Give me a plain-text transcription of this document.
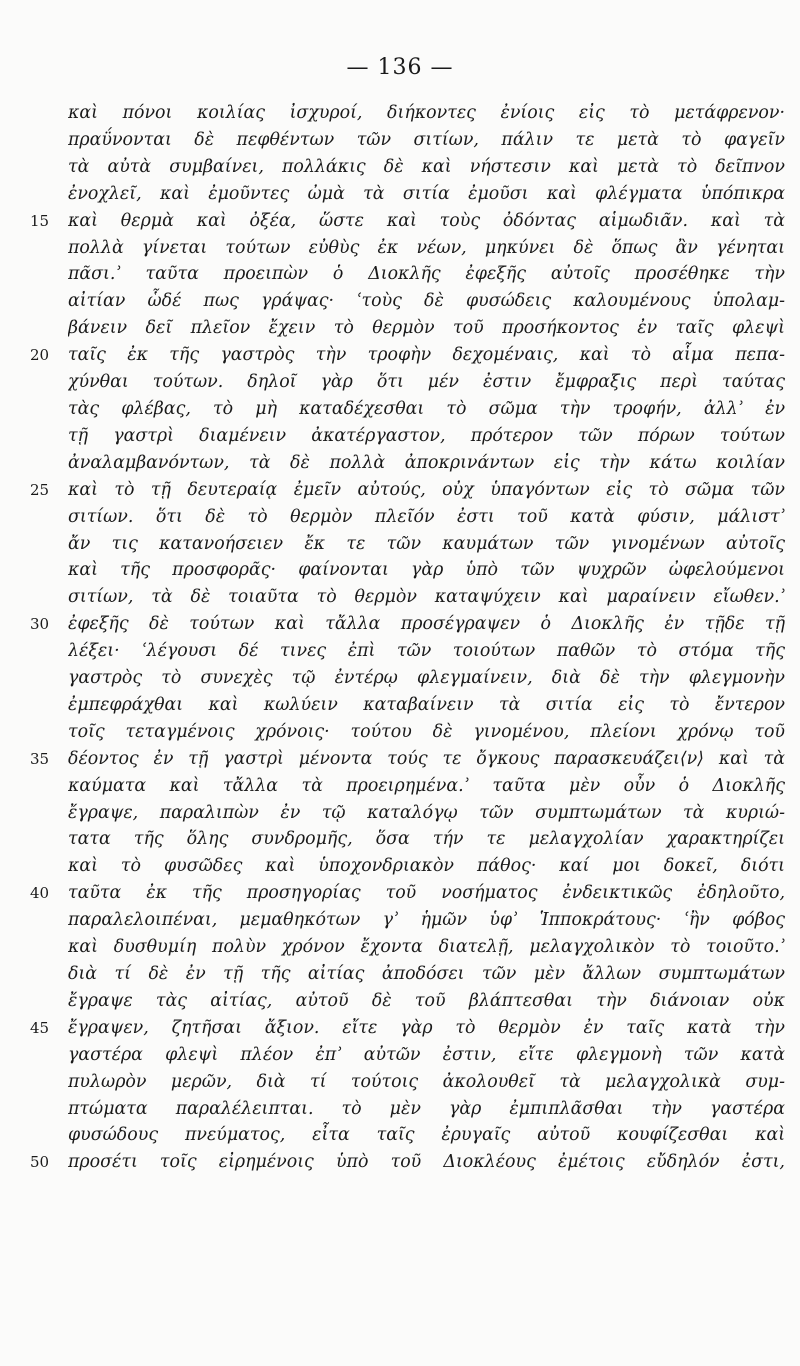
— 136 —
καὶ πόνοι κοιλίας ἰσχυροί, διήκοντες ἐνίοις εἰς τὸ μετάφρενον·
πραΰνονται δὲ πεφθέντων τῶν σιτίων, πάλιν τε μετὰ τὸ φαγεῖν
τὰ αὐτὰ συμβαίνει, πολλάκις δὲ καὶ νήστεσιν καὶ μετὰ τὸ δεῖπνον
ἐνοχλεῖ, καὶ ἐμοῦντες ὠμὰ τὰ σιτία ἐμοῦσι καὶ φλέγματα ὑπόπικρα
15	καὶ θερμὰ καὶ ὀξέα, ὥστε καὶ τοὺς ὀδόντας αἱμωδιᾶν. καὶ τὰ
πολλὰ γίνεται τούτων εὐθὺς ἐκ νέων, μηκύνει δὲ ὅπως ἂν γένηται
πᾶσι.ʾ ταῦτα προειπὼν ὁ Διοκλῆς ἐφεξῆς αὐτοῖς προσέθηκε τὴν
αἰτίαν ὧδέ πως γράψας· ʿτοὺς δὲ φυσώδεις καλουμένους ὑπολαμ-
βάνειν δεῖ πλεῖον ἔχειν τὸ θερμὸν τοῦ προσήκοντος ἐν ταῖς φλεψὶ
20	ταῖς ἐκ τῆς γαστρὸς τὴν τροφὴν δεχομέναις, καὶ τὸ αἷμα πεπα-
χύνθαι τούτων. δηλοῖ γὰρ ὅτι μέν ἐστιν ἔμφραξις περὶ ταύτας
τὰς φλέβας, τὸ μὴ καταδέχεσθαι τὸ σῶμα τὴν τροφήν, ἀλλʾ ἐν
τῇ γαστρὶ διαμένειν ἀκατέργαστον, πρότερον τῶν πόρων τούτων
ἀναλαμβανόντων, τὰ δὲ πολλὰ ἀποκρινάντων εἰς τὴν κάτω κοιλίαν
25	καὶ τὸ τῇ δευτεραίᾳ ἐμεῖν αὐτούς, οὐχ ὑπαγόντων εἰς τὸ σῶμα τῶν
σιτίων. ὅτι δὲ τὸ θερμὸν πλεῖόν ἐστι τοῦ κατὰ φύσιν, μάλιστʾ
ἄν τις κατανοήσειεν ἔκ τε τῶν καυμάτων τῶν γινομένων αὐτοῖς
καὶ τῆς προσφορᾶς· φαίνονται γὰρ ὑπὸ τῶν ψυχρῶν ὠφελούμενοι
σιτίων, τὰ δὲ τοιαῦτα τὸ θερμὸν καταψύχειν καὶ μαραίνειν εἴωθεν.ʾ
30	ἐφεξῆς δὲ τούτων καὶ τἄλλα προσέγραψεν ὁ Διοκλῆς ἐν τῇδε τῇ
λέξει· ʿλέγουσι δέ τινες ἐπὶ τῶν τοιούτων παθῶν τὸ στόμα τῆς
γαστρὸς τὸ συνεχὲς τῷ ἐντέρῳ φλεγμαίνειν, διὰ δὲ τὴν φλεγμονὴν
ἐμπεφράχθαι καὶ κωλύειν καταβαίνειν τὰ σιτία εἰς τὸ ἔντερον
τοῖς τεταγμένοις χρόνοις· τούτου δὲ γινομένου, πλείονι χρόνῳ τοῦ
35	δέοντος ἐν τῇ γαστρὶ μένοντα τούς τε ὄγκους παρασκευάζει⟨ν⟩ καὶ τὰ
καύματα καὶ τἄλλα τὰ προειρημένα.ʾ ταῦτα μὲν οὖν ὁ Διοκλῆς
ἔγραψε, παραλιπὼν ἐν τῷ καταλόγῳ τῶν συμπτωμάτων τὰ κυριώ-
τατα τῆς ὅλης συνδρομῆς, ὅσα τήν τε μελαγχολίαν χαρακτηρίζει
καὶ τὸ φυσῶδες καὶ ὑποχονδριακὸν πάθος· καί μοι δοκεῖ, διότι
40	ταῦτα ἐκ τῆς προσηγορίας τοῦ νοσήματος ἐνδεικτικῶς ἐδηλοῦτο,
παραλελοιπέναι, μεμαθηκότων γʾ ἡμῶν ὑφʾ Ἱπποκράτους· ʿἢν φόβος
καὶ δυσθυμίη πολὺν χρόνον ἔχοντα διατελῇ, μελαγχολικὸν τὸ τοιοῦτο.ʾ
διὰ τί δὲ ἐν τῇ τῆς αἰτίας ἀποδόσει τῶν μὲν ἄλλων συμπτωμάτων
ἔγραψε τὰς αἰτίας, αὐτοῦ δὲ τοῦ βλάπτεσθαι τὴν διάνοιαν οὐκ
45	ἔγραψεν, ζητῆσαι ἄξιον. εἴτε γὰρ τὸ θερμὸν ἐν ταῖς κατὰ τὴν
γαστέρα φλεψὶ πλέον ἐπʾ αὐτῶν ἐστιν, εἴτε φλεγμονὴ τῶν κατὰ
πυλωρὸν μερῶν, διὰ τί τούτοις ἀκολουθεῖ τὰ μελαγχολικὰ συμ-
πτώματα παραλέλειπται. τὸ μὲν γὰρ ἐμπιπλᾶσθαι τὴν γαστέρα
φυσώδους πνεύματος, εἶτα ταῖς ἐρυγαῖς αὐτοῦ κουφίζεσθαι καὶ
50	προσέτι τοῖς εἰρημένοις ὑπὸ τοῦ Διοκλέους ἐμέτοις εὔδηλόν ἐστι,
